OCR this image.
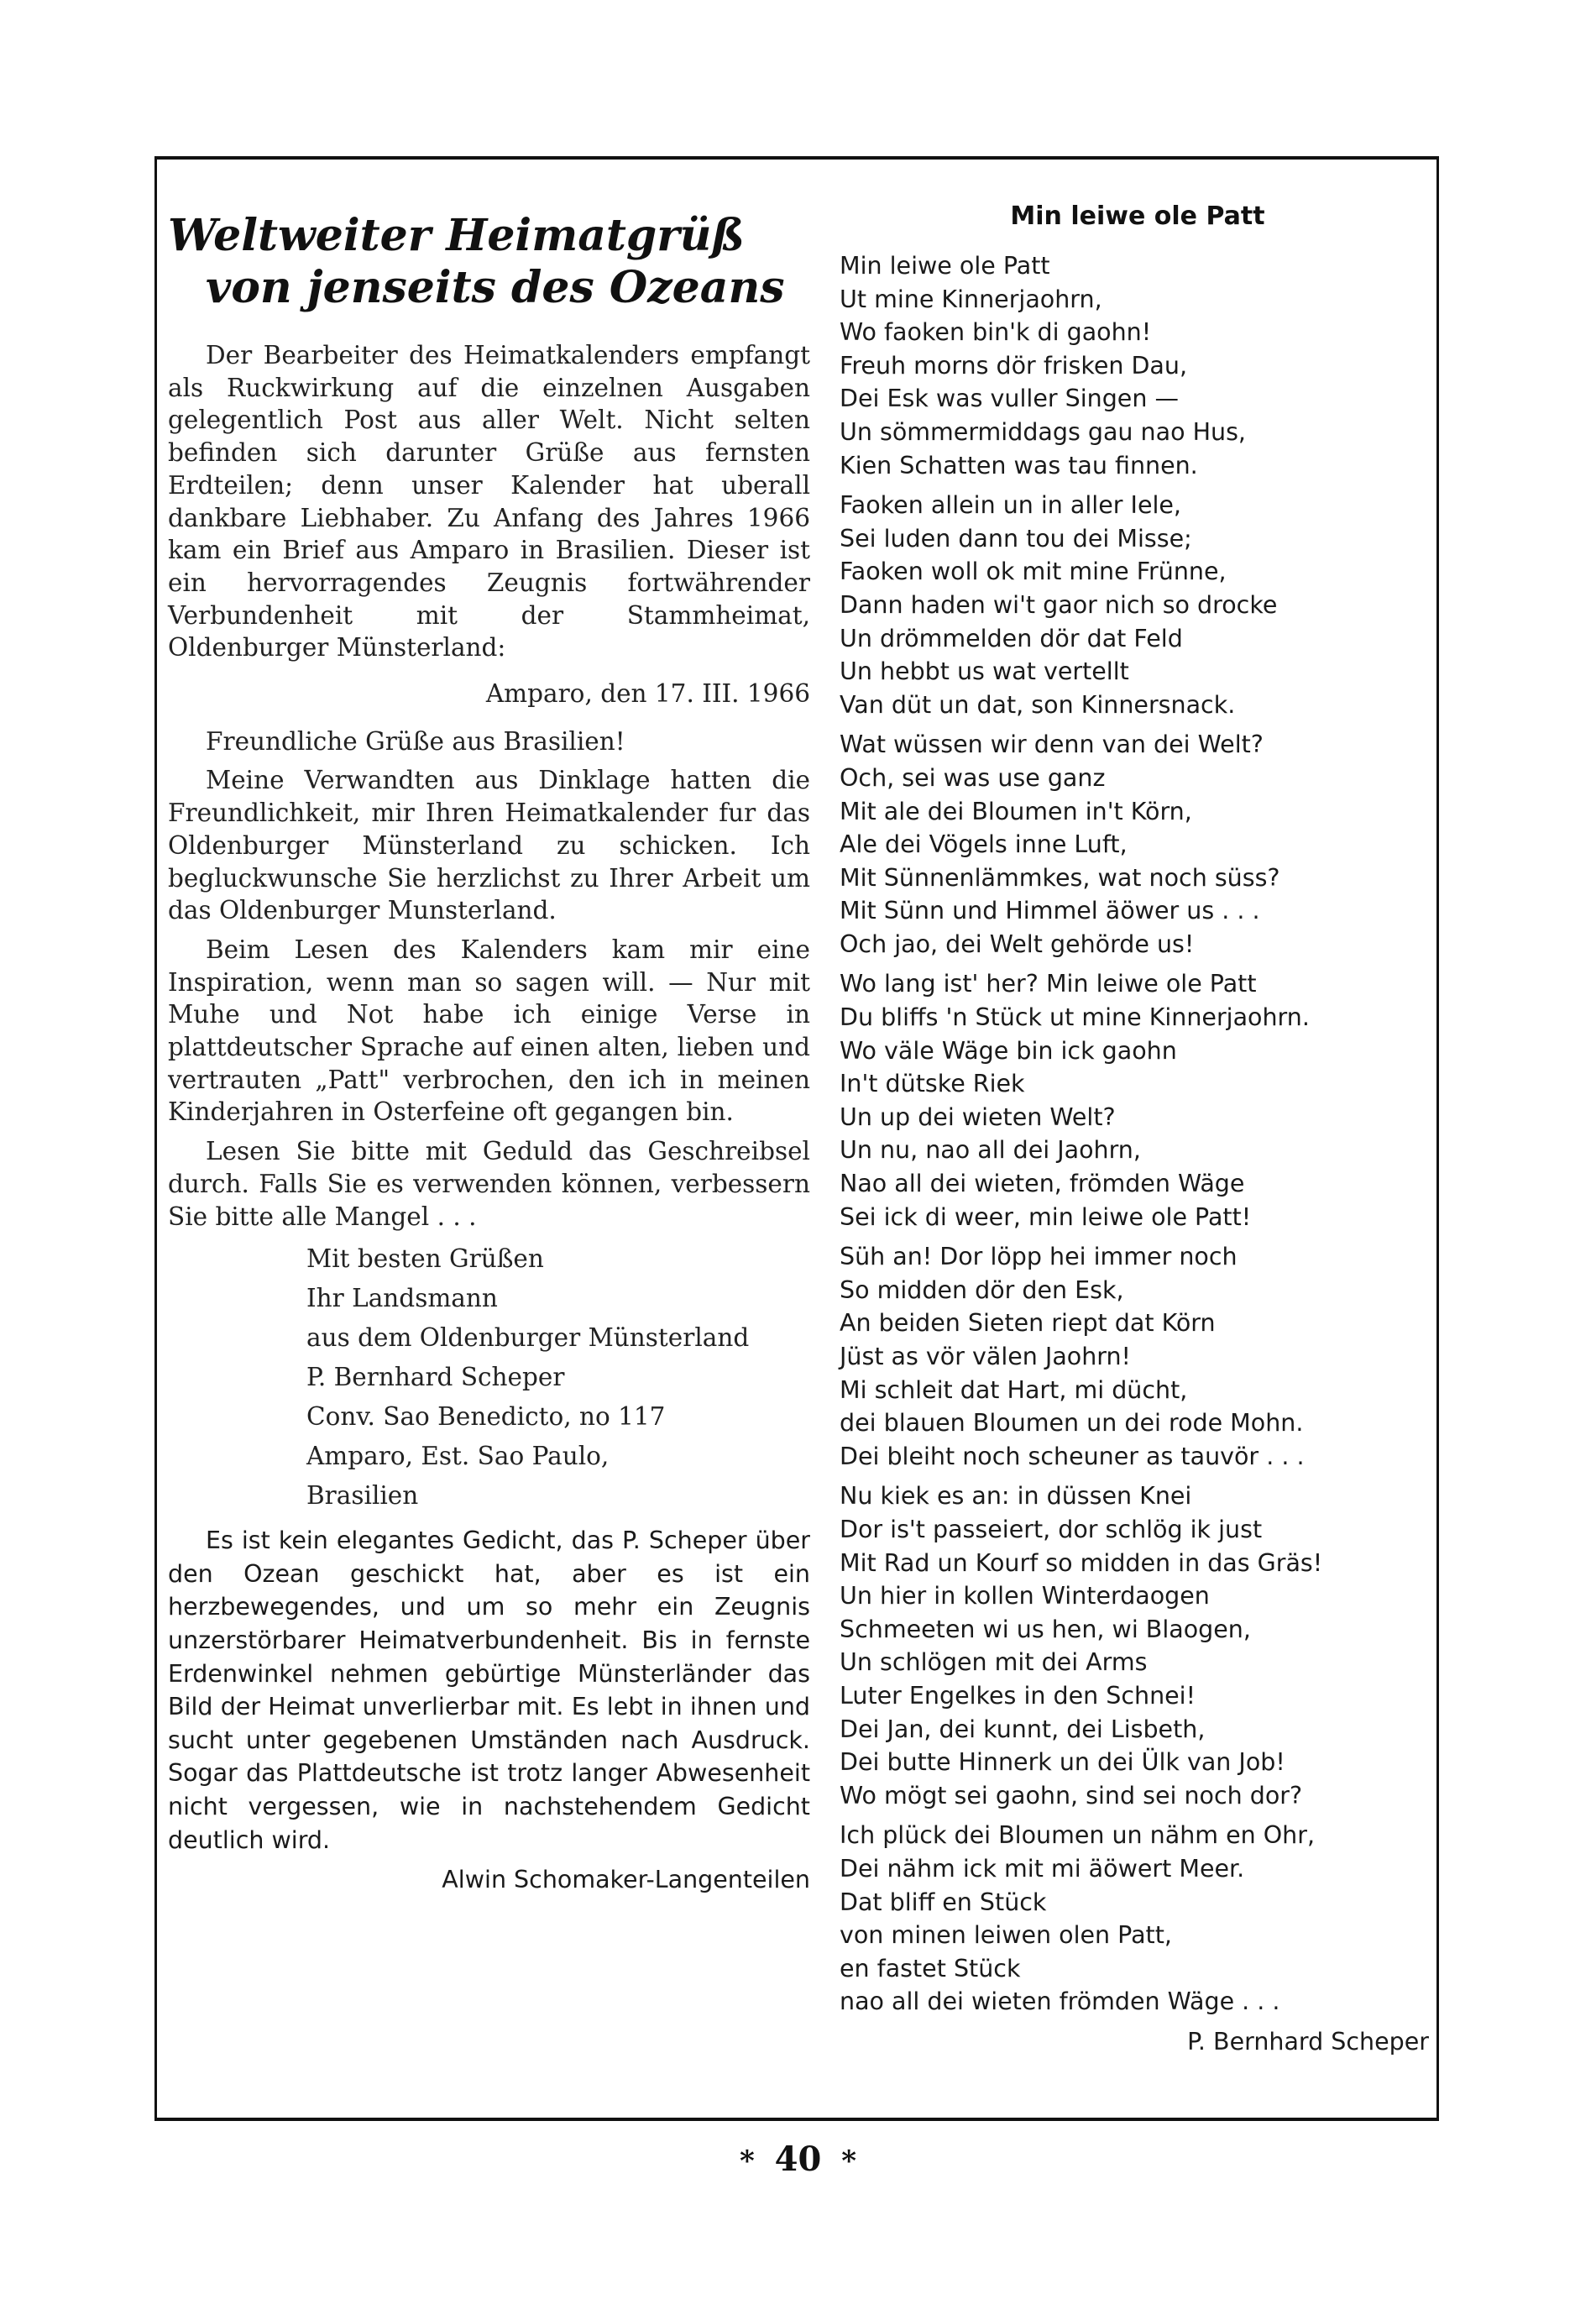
Weltweiter Heimatgrüß
von jenseits des Ozeans

Der Bearbeiter des Heimatkalenders empfangt als Ruckwirkung auf die einzelnen Ausgaben gelegentlich Post aus aller Welt. Nicht selten befinden sich darunter Grüße aus fernsten Erdteilen; denn unser Kalender hat uberall dankbare Liebhaber. Zu Anfang des Jahres 1966 kam ein Brief aus Amparo in Brasilien. Dieser ist ein hervorragendes Zeugnis fortwährender Verbundenheit mit der Stammheimat, Oldenburger Münsterland:

Amparo, den 17. III. 1966

Freundliche Grüße aus Brasilien!

Meine Verwandten aus Dinklage hatten die Freundlichkeit, mir Ihren Heimatkalender fur das Oldenburger Münsterland zu schicken. Ich begluckwunsche Sie herzlichst zu Ihrer Arbeit um das Oldenburger Munsterland.

Beim Lesen des Kalenders kam mir eine Inspiration, wenn man so sagen will. — Nur mit Muhe und Not habe ich einige Verse in plattdeutscher Sprache auf einen alten, lieben und vertrauten „Patt" verbrochen, den ich in meinen Kinderjahren in Osterfeine oft gegangen bin.

Lesen Sie bitte mit Geduld das Geschreibsel durch. Falls Sie es verwenden können, verbessern Sie bitte alle Mangel . . .

Mit besten Grüßen
Ihr Landsmann
aus dem Oldenburger Münsterland
P. Bernhard Scheper
Conv. Sao Benedicto, no 117
Amparo, Est. Sao Paulo,
Brasilien

Es ist kein elegantes Gedicht, das P. Scheper über den Ozean geschickt hat, aber es ist ein herzbewegendes, und um so mehr ein Zeugnis unzerstörbarer Heimatverbundenheit. Bis in fernste Erdenwinkel nehmen gebürtige Münsterländer das Bild der Heimat unverlierbar mit. Es lebt in ihnen und sucht unter gegebenen Umständen nach Ausdruck. Sogar das Plattdeutsche ist trotz langer Abwesenheit nicht vergessen, wie in nachstehendem Gedicht deutlich wird.

Alwin Schomaker-Langenteilen
Min leiwe ole Patt
Min leiwe ole Patt
Ut mine Kinnerjaohrn,
Wo faoken bin'k di gaohn!
Freuh morns dör frisken Dau,
Dei Esk was vuller Singen —
Un sömmermiddags gau nao Hus,
Kien Schatten was tau finnen.
Faoken allein un in aller Iele,
Sei luden dann tou dei Misse;
Faoken woll ok mit mine Frünne,
Dann haden wi't gaor nich so drocke
Un drömmelden dör dat Feld
Un hebbt us wat vertellt
Van düt un dat, son Kinnersnack.
Wat wüssen wir denn van dei Welt?
Och, sei was use ganz
Mit ale dei Bloumen in't Körn,
Ale dei Vögels inne Luft,
Mit Sünnenlämmkes, wat noch süss?
Mit Sünn und Himmel äöwer us . . .
Och jao, dei Welt gehörde us!
Wo lang ist' her? Min leiwe ole Patt
Du bliffs 'n Stück ut mine Kinnerjaohrn.
Wo väle Wäge bin ick gaohn
In't dütske Riek
Un up dei wieten Welt?
Un nu, nao all dei Jaohrn,
Nao all dei wieten, frömden Wäge
Sei ick di weer, min leiwe ole Patt!
Süh an! Dor löpp hei immer noch
So midden dör den Esk,
An beiden Sieten riept dat Körn
Jüst as vör välen Jaohrn!
Mi schleit dat Hart, mi dücht,
dei blauen Bloumen un dei rode Mohn.
Dei bleiht noch scheuner as tauvör . . .
Nu kiek es an: in düssen Knei
Dor is't passeiert, dor schlög ik just
Mit Rad un Kourf so midden in das Gräs!
Un hier in kollen Winterdaogen
Schmeeten wi us hen, wi Blaogen,
Un schlögen mit dei Arms
Luter Engelkes in den Schnei!
Dei Jan, dei kunnt, dei Lisbeth,
Dei butte Hinnerk un dei Ülk van Job!
Wo mögt sei gaohn, sind sei noch dor?
Ich plück dei Bloumen un nähm en Ohr,
Dei nähm ick mit mi äöwert Meer.
Dat bliff en Stück
von minen leiwen olen Patt,
en fastet Stück
nao all dei wieten frömden Wäge . . .
P. Bernhard Scheper
* 40 *
